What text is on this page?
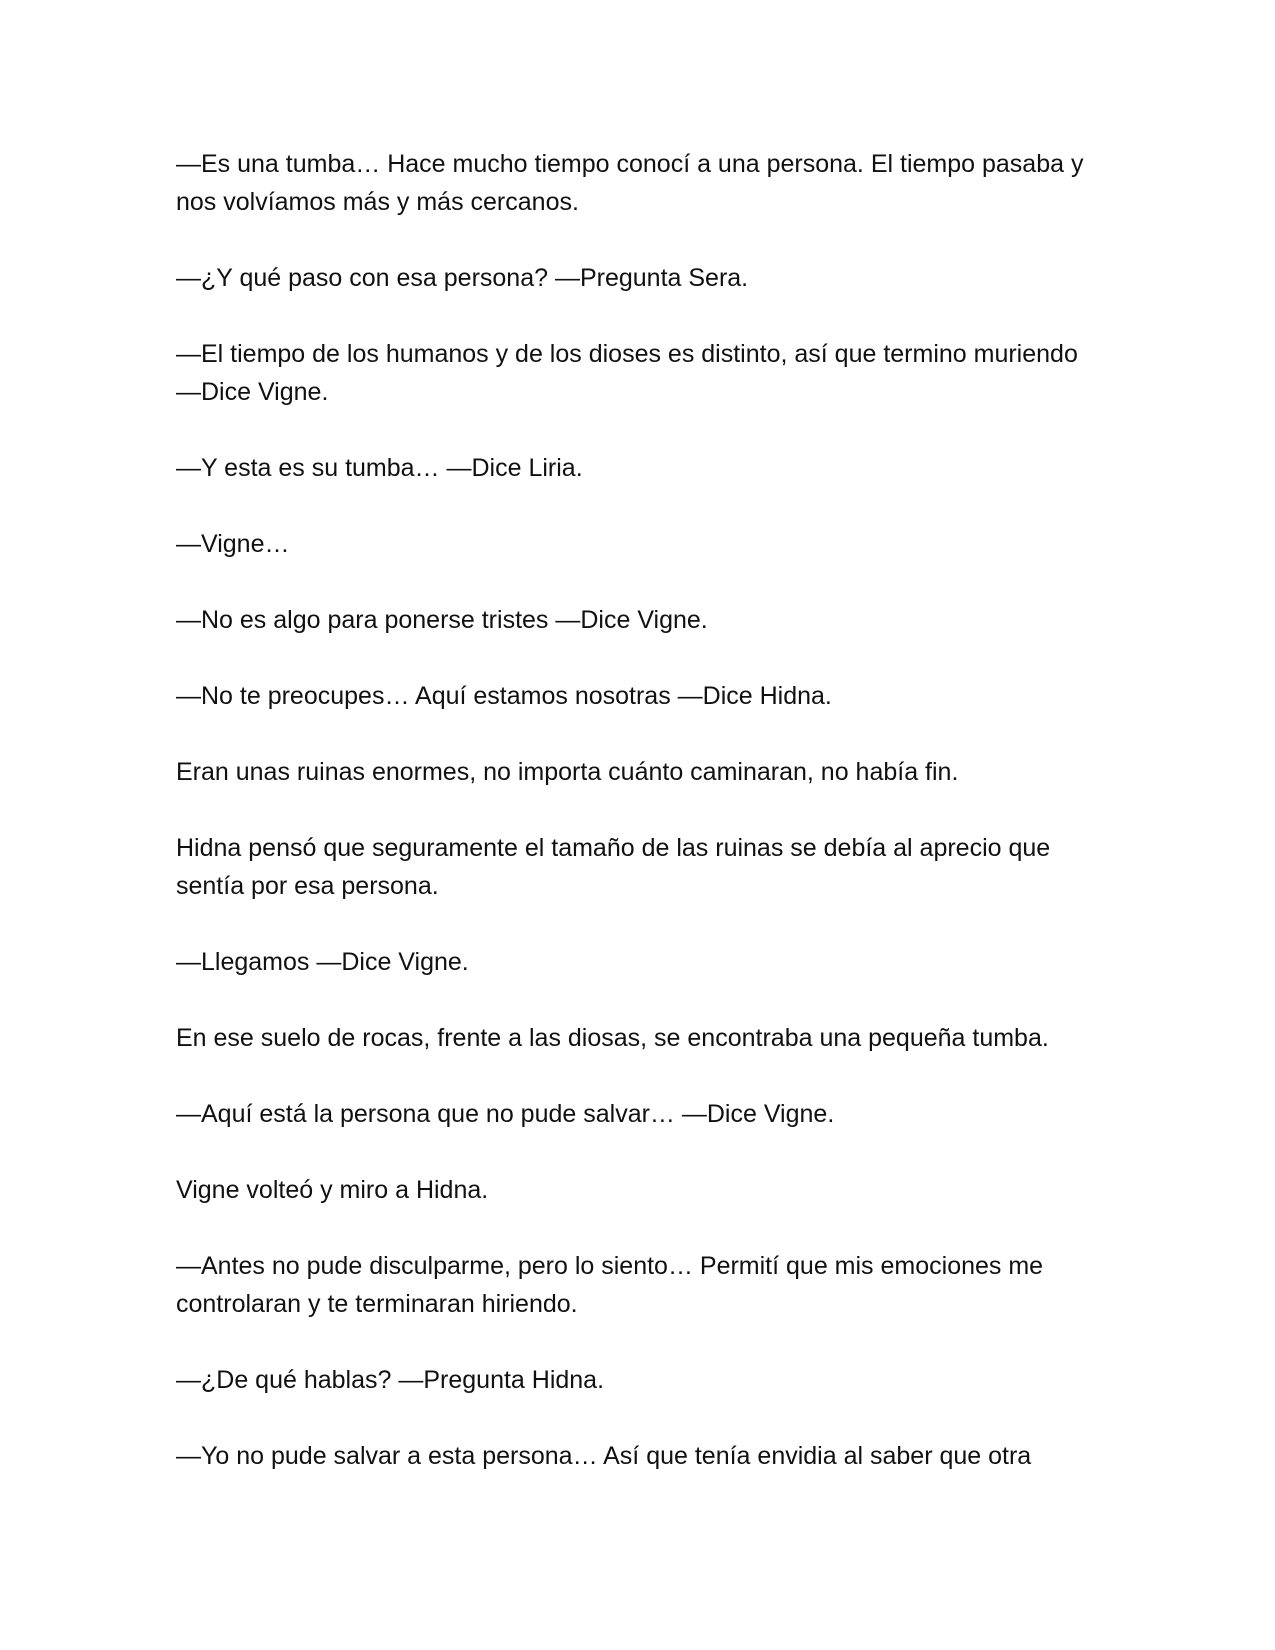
—Es una tumba… Hace mucho tiempo conocí a una persona. El tiempo pasaba y nos volvíamos más y más cercanos.

—¿Y qué paso con esa persona? —Pregunta Sera.

—El tiempo de los humanos y de los dioses es distinto, así que termino muriendo —Dice Vigne.

—Y esta es su tumba… —Dice Liria.

—Vigne…

—No es algo para ponerse tristes —Dice Vigne.

—No te preocupes… Aquí estamos nosotras —Dice Hidna.

Eran unas ruinas enormes, no importa cuánto caminaran, no había fin.

Hidna pensó que seguramente el tamaño de las ruinas se debía al aprecio que sentía por esa persona.

—Llegamos —Dice Vigne.

En ese suelo de rocas, frente a las diosas, se encontraba una pequeña tumba.

—Aquí está la persona que no pude salvar… —Dice Vigne.

Vigne volteó y miro a Hidna.

—Antes no pude disculparme, pero lo siento… Permití que mis emociones me controlaran y te terminaran hiriendo.

—¿De qué hablas? —Pregunta Hidna.

—Yo no pude salvar a esta persona… Así que tenía envidia al saber que otra
